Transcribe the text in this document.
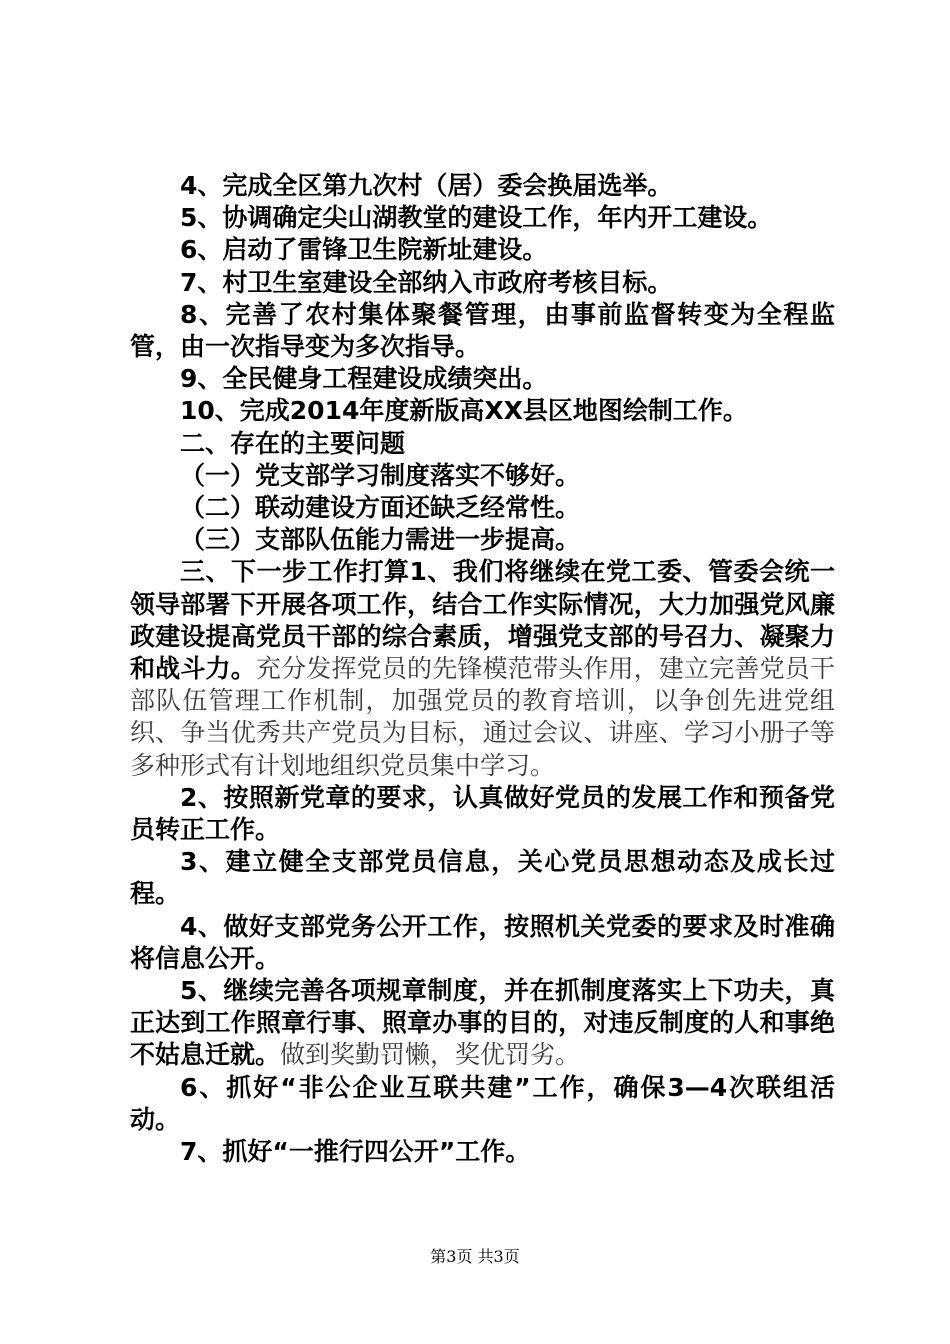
4、完成全区第九次村（居）委会换届选举。

5、协调确定尖山湖教堂的建设工作，年内开工建设。

6、启动了雷锋卫生院新址建设。

7、村卫生室建设全部纳入市政府考核目标。

8、完善了农村集体聚餐管理，由事前监督转变为全程监管，由一次指导变为多次指导。

9、全民健身工程建设成绩突出。

10、完成2014年度新版高XX县区地图绘制工作。

二、存在的主要问题

（一）党支部学习制度落实不够好。

（二）联动建设方面还缺乏经常性。

（三）支部队伍能力需进一步提高。

三、下一步工作打算1、我们将继续在党工委、管委会统一领导部署下开展各项工作，结合工作实际情况，大力加强党风廉政建设提高党员干部的综合素质，增强党支部的号召力、凝聚力和战斗力。充分发挥党员的先锋模范带头作用，建立完善党员干部队伍管理工作机制，加强党员的教育培训，以争创先进党组织、争当优秀共产党员为目标，通过会议、讲座、学习小册子等多种形式有计划地组织党员集中学习。

2、按照新党章的要求，认真做好党员的发展工作和预备党员转正工作。

3、建立健全支部党员信息，关心党员思想动态及成长过程。

4、做好支部党务公开工作，按照机关党委的要求及时准确将信息公开。

5、继续完善各项规章制度，并在抓制度落实上下功夫，真正达到工作照章行事、照章办事的目的，对违反制度的人和事绝不姑息迁就。做到奖勤罚懒，奖优罚劣。

6、抓好“非公企业互联共建”工作，确保3—4次联组活动。

7、抓好“一推行四公开”工作。

第3页 共3页
